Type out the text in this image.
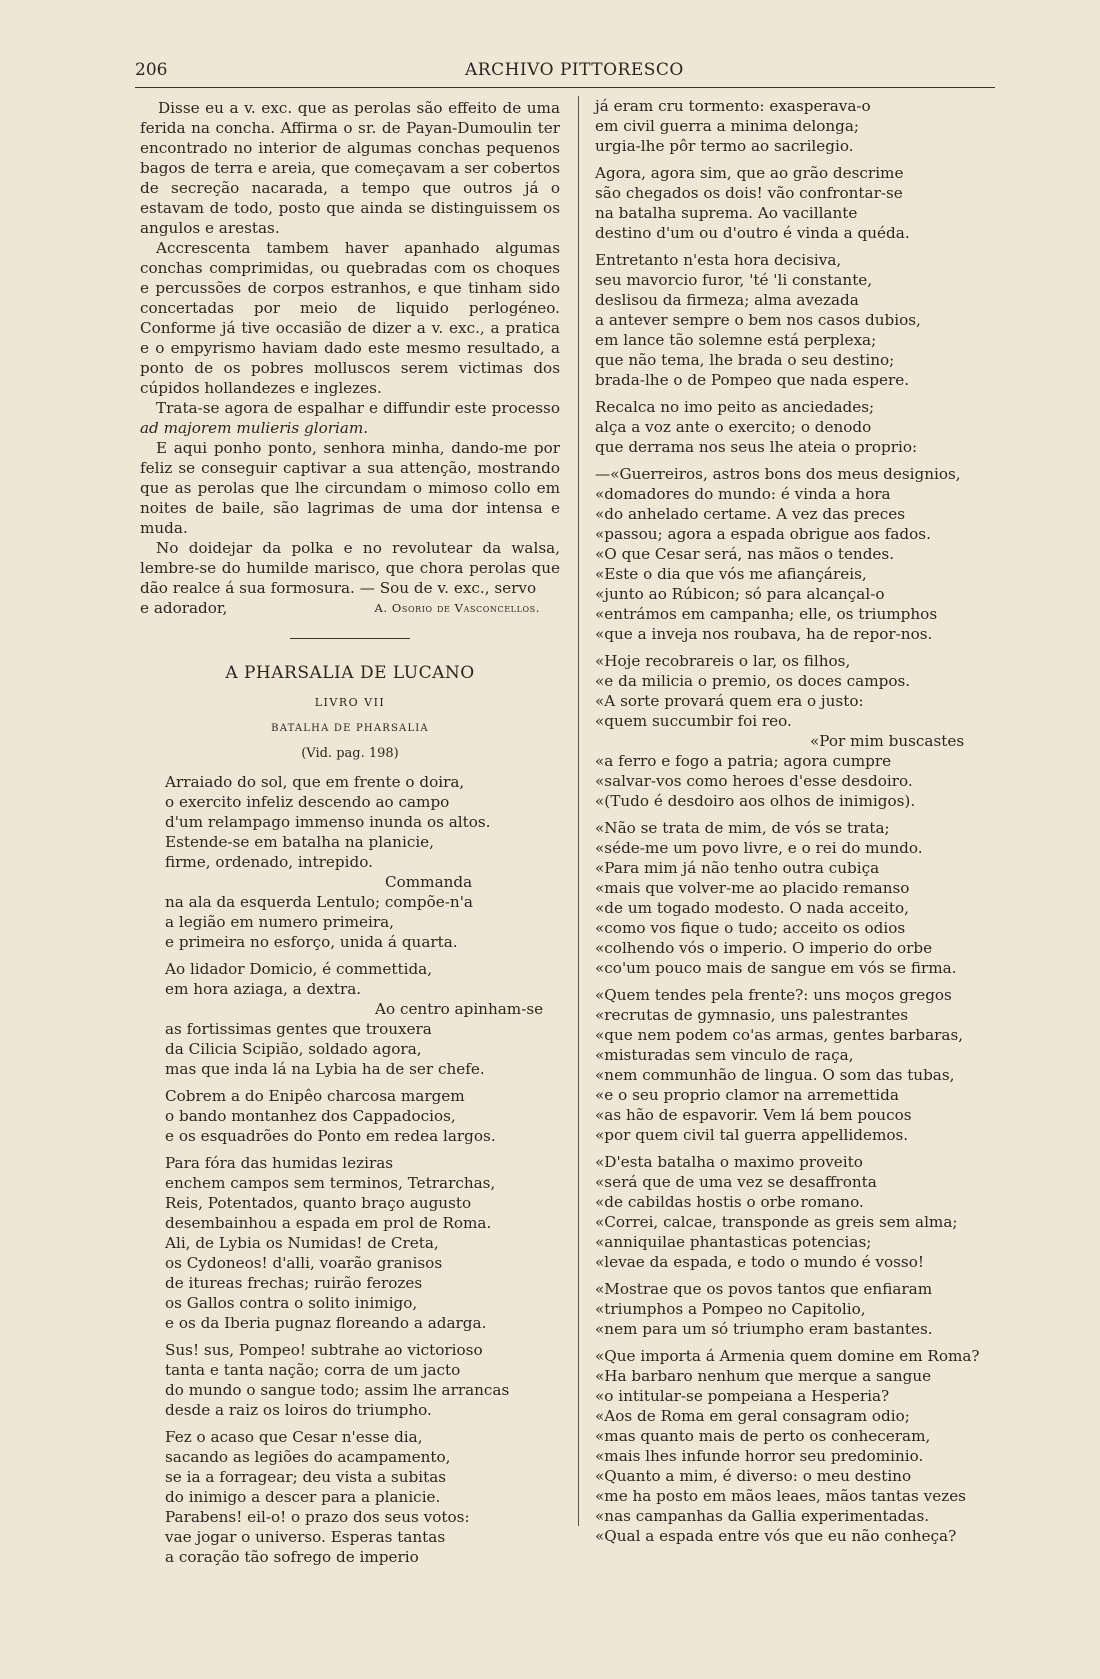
206	ARCHIVO PITTORESCO

Disse eu a v. exc. que as perolas são effeito de uma ferida na concha. Affirma o sr. de Payan-Dumoulin ter encontrado no interior de algumas conchas pequenos bagos de terra e areia, que começavam a ser cobertos de secreção nacarada, a tempo que outros já o estavam de todo, posto que ainda se distinguissem os angulos e arestas.

Accrescenta tambem haver apanhado algumas conchas comprimidas, ou quebradas com os choques e percussões de corpos estranhos, e que tinham sido concertadas por meio de liquido perlogéneo. Conforme já tive occasião de dizer a v. exc., a pratica e o empyrismo haviam dado este mesmo resultado, a ponto de os pobres molluscos serem victimas dos cúpidos hollandezes e inglezes.

Trata-se agora de espalhar e diffundir este processo ad majorem mulieris gloriam.

E aqui ponho ponto, senhora minha, dando-me por feliz se conseguir captivar a sua attenção, mostrando que as perolas que lhe circundam o mimoso collo em noites de baile, são lagrimas de uma dor intensa e muda.

No doidejar da polka e no revolutear da walsa, lembre-se do humilde marisco, que chora perolas que dão realce á sua formosura. — Sou de v. exc., servo

e adorador,	A. Osorio de Vasconcellos.
A PHARSALIA DE LUCANO
LIVRO VII
BATALHA DE PHARSALIA
(Vid. pag. 198)
Arraiado do sol, que em frente o doira,
o exercito infeliz descendo ao campo
d'um relampago immenso inunda os altos.
Estende-se em batalha na planicie,
firme, ordenado, intrepido.
Commanda
na ala da esquerda Lentulo; compõe-n'a
a legião em numero primeira,
e primeira no esforço, unida á quarta.
Ao lidador Domicio, é commettida,
em hora aziaga, a dextra.
Ao centro apinham-se
as fortissimas gentes que trouxera
da Cilicia Scipião, soldado agora,
mas que inda lá na Lybia ha de ser chefe.
Cobrem a do Enipêo charcosa margem
o bando montanhez dos Cappadocios,
e os esquadrões do Ponto em redea largos.
Para fóra das humidas leziras
enchem campos sem terminos, Tetrarchas,
Reis, Potentados, quanto braço augusto
desembainhou a espada em prol de Roma.
Ali, de Lybia os Numidas! de Creta,
os Cydoneos! d'alli, voarão granisos
de itureas frechas; ruirão ferozes
os Gallos contra o solito inimigo,
e os da Iberia pugnaz floreando a adarga.
Sus! sus, Pompeo! subtrahe ao victorioso
tanta e tanta nação; corra de um jacto
do mundo o sangue todo; assim lhe arrancas
desde a raiz os loiros do triumpho.
Fez o acaso que Cesar n'esse dia,
sacando as legiões do acampamento,
se ia a forragear; deu vista a subitas
do inimigo a descer para a planicie.
Parabens! eil-o! o prazo dos seus votos:
vae jogar o universo. Esperas tantas
a coração tão sofrego de imperio
já eram cru tormento: exasperava-o
em civil guerra a minima delonga;
urgia-lhe pôr termo ao sacrilegio.
Agora, agora sim, que ao grão descrime
são chegados os dois! vão confrontar-se
na batalha suprema. Ao vacillante
destino d'um ou d'outro é vinda a quéda.
Entretanto n'esta hora decisiva,
seu mavorcio furor, 'té 'li constante,
deslisou da firmeza; alma avezada
a antever sempre o bem nos casos dubios,
em lance tão solemne está perplexa;
que não tema, lhe brada o seu destino;
brada-lhe o de Pompeo que nada espere.
Recalca no imo peito as anciedades;
alça a voz ante o exercito; o denodo
que derrama nos seus lhe ateia o proprio:
—«Guerreiros, astros bons dos meus designios,
«domadores do mundo: é vinda a hora
«do anhelado certame. A vez das preces
«passou; agora a espada obrigue aos fados.
«O que Cesar será, nas mãos o tendes.
«Este o dia que vós me afiançáreis,
«junto ao Rúbicon; só para alcançal-o
«entrámos em campanha; elle, os triumphos
«que a inveja nos roubava, ha de repor-nos.
«Hoje recobrareis o lar, os filhos,
«e da milicia o premio, os doces campos.
«A sorte provará quem era o justo:
«quem succumbir foi reo.
«Por mim buscastes
«a ferro e fogo a patria; agora cumpre
«salvar-vos como heroes d'esse desdoiro.
«(Tudo é desdoiro aos olhos de inimigos).
«Não se trata de mim, de vós se trata;
«séde-me um povo livre, e o rei do mundo.
«Para mim já não tenho outra cubiça
«mais que volver-me ao placido remanso
«de um togado modesto. O nada acceito,
«como vos fique o tudo; acceito os odios
«colhendo vós o imperio. O imperio do orbe
«co'um pouco mais de sangue em vós se firma.
«Quem tendes pela frente?: uns moços gregos
«recrutas de gymnasio, uns palestrantes
«que nem podem co'as armas, gentes barbaras,
«misturadas sem vinculo de raça,
«nem communhão de lingua. O som das tubas,
«e o seu proprio clamor na arremettida
«as hão de espavorir. Vem lá bem poucos
«por quem civil tal guerra appellidemos.
«D'esta batalha o maximo proveito
«será que de uma vez se desaffronta
«de cabildas hostis o orbe romano.
«Correi, calcae, transponde as greis sem alma;
«anniquilae phantasticas potencias;
«levae da espada, e todo o mundo é vosso!
«Mostrae que os povos tantos que enfiaram
«triumphos a Pompeo no Capitolio,
«nem para um só triumpho eram bastantes.
«Que importa á Armenia quem domine em Roma?
«Ha barbaro nenhum que merque a sangue
«o intitular-se pompeiana a Hesperia?
«Aos de Roma em geral consagram odio;
«mas quanto mais de perto os conheceram,
«mais lhes infunde horror seu predominio.
«Quanto a mim, é diverso: o meu destino
«me ha posto em mãos leaes, mãos tantas vezes
«nas campanhas da Gallia experimentadas.
«Qual a espada entre vós que eu não conheça?
